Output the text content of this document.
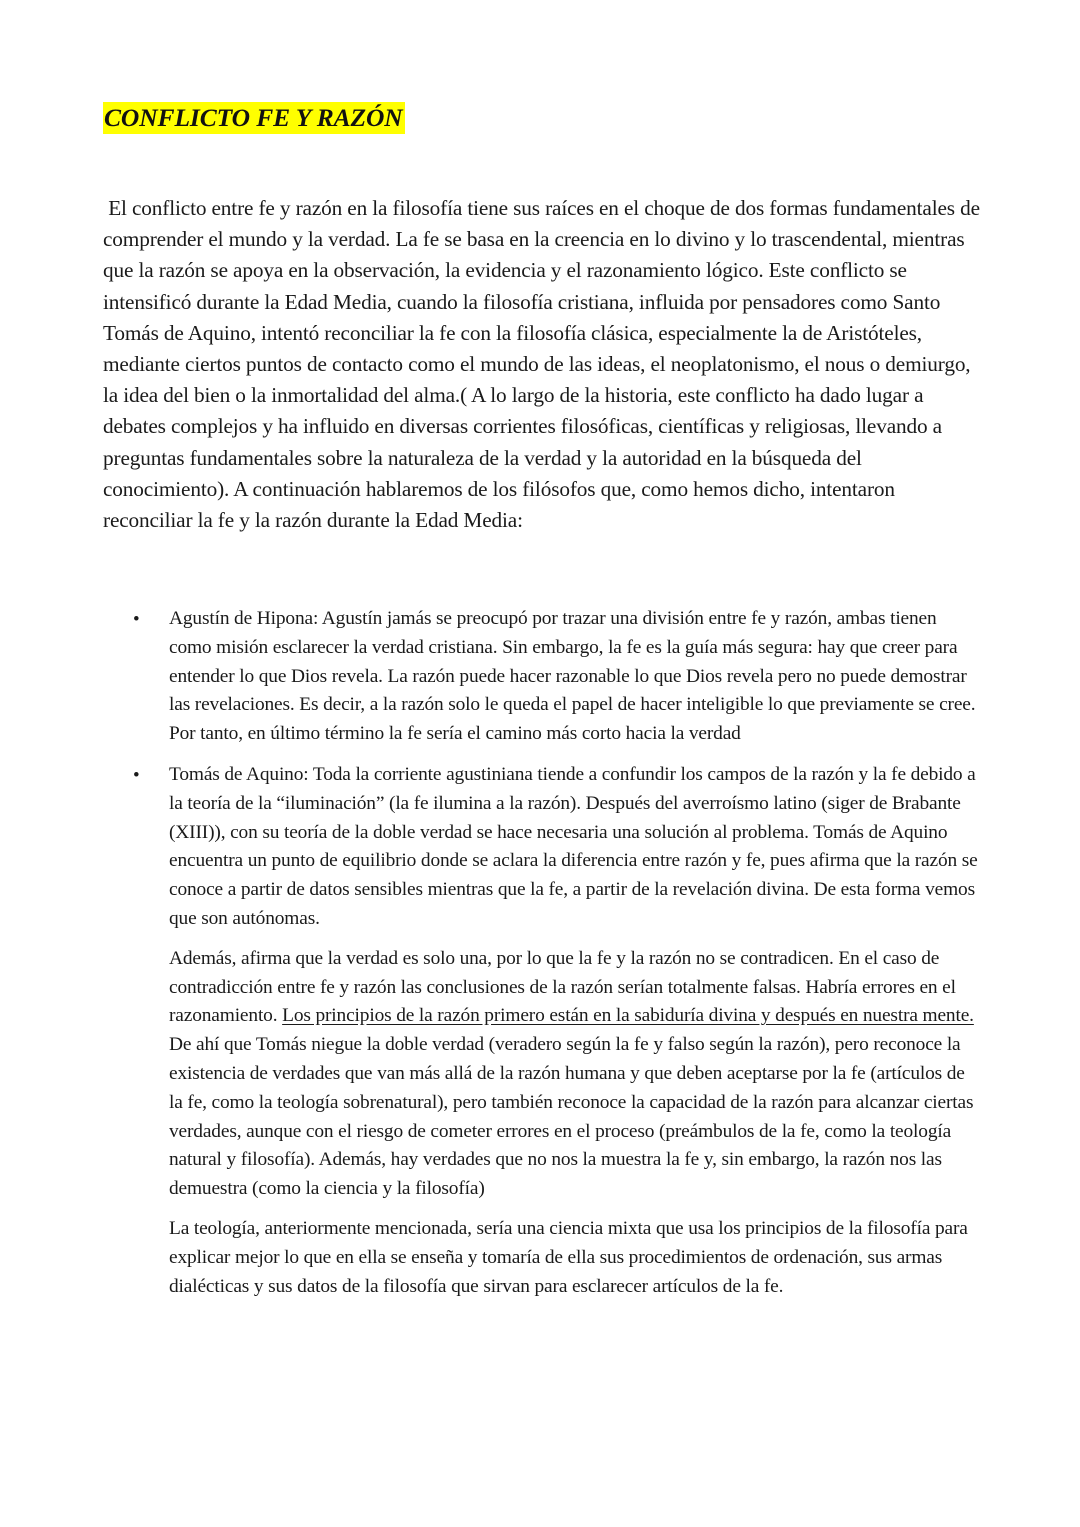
CONFLICTO FE Y RAZÓN

El conflicto entre fe y razón en la filosofía tiene sus raíces en el choque de dos formas fundamentales de comprender el mundo y la verdad. La fe se basa en la creencia en lo divino y lo trascendental, mientras que la razón se apoya en la observación, la evidencia y el razonamiento lógico. Este conflicto se intensificó durante la Edad Media, cuando la filosofía cristiana, influida por pensadores como Santo Tomás de Aquino, intentó reconciliar la fe con la filosofía clásica, especialmente la de Aristóteles, mediante ciertos puntos de contacto como el mundo de las ideas, el neoplatonismo, el nous o demiurgo, la idea del bien o la inmortalidad del alma.( A lo largo de la historia, este conflicto ha dado lugar a debates complejos y ha influido en diversas corrientes filosóficas, científicas y religiosas, llevando a preguntas fundamentales sobre la naturaleza de la verdad y la autoridad en la búsqueda del conocimiento). A continuación hablaremos de los filósofos que, como hemos dicho, intentaron reconciliar la fe y la razón durante la Edad Media:

• Agustín de Hipona: Agustín jamás se preocupó por trazar una división entre fe y razón, ambas tienen como misión esclarecer la verdad cristiana. Sin embargo, la fe es la guía más segura: hay que creer para entender lo que Dios revela. La razón puede hacer razonable lo que Dios revela pero no puede demostrar las revelaciones. Es decir, a la razón solo le queda el papel de hacer inteligible lo que previamente se cree. Por tanto, en último término la fe sería el camino más corto hacia la verdad

• Tomás de Aquino: Toda la corriente agustiniana tiende a confundir los campos de la razón y la fe debido a la teoría de la “iluminación” (la fe ilumina a la razón). Después del averroísmo latino (siger de Brabante (XIII)), con su teoría de la doble verdad se hace necesaria una solución al problema. Tomás de Aquino encuentra un punto de equilibrio donde se aclara la diferencia entre razón y fe, pues afirma que la razón se conoce a partir de datos sensibles mientras que la fe, a partir de la revelación divina. De esta forma vemos que son autónomas.

Además, afirma que la verdad es solo una, por lo que la fe y la razón no se contradicen. En el caso de contradicción entre fe y razón las conclusiones de la razón serían totalmente falsas. Habría errores en el razonamiento. Los principios de la razón primero están en la sabiduría divina y después en nuestra mente. De ahí que Tomás niegue la doble verdad (veradero según la fe y falso según la razón), pero reconoce la existencia de verdades que van más allá de la razón humana y que deben aceptarse por la fe (artículos de la fe, como la teología sobrenatural), pero también reconoce la capacidad de la razón para alcanzar ciertas verdades, aunque con el riesgo de cometer errores en el proceso (preámbulos de la fe, como la teología natural y filosofía). Además, hay verdades que no nos la muestra la fe y, sin embargo, la razón nos las demuestra (como la ciencia y la filosofía)

La teología, anteriormente mencionada, sería una ciencia mixta que usa los principios de la filosofía para explicar mejor lo que en ella se enseña y tomaría de ella sus procedimientos de ordenación, sus armas dialécticas y sus datos de la filosofía que sirvan para esclarecer artículos de la fe.
